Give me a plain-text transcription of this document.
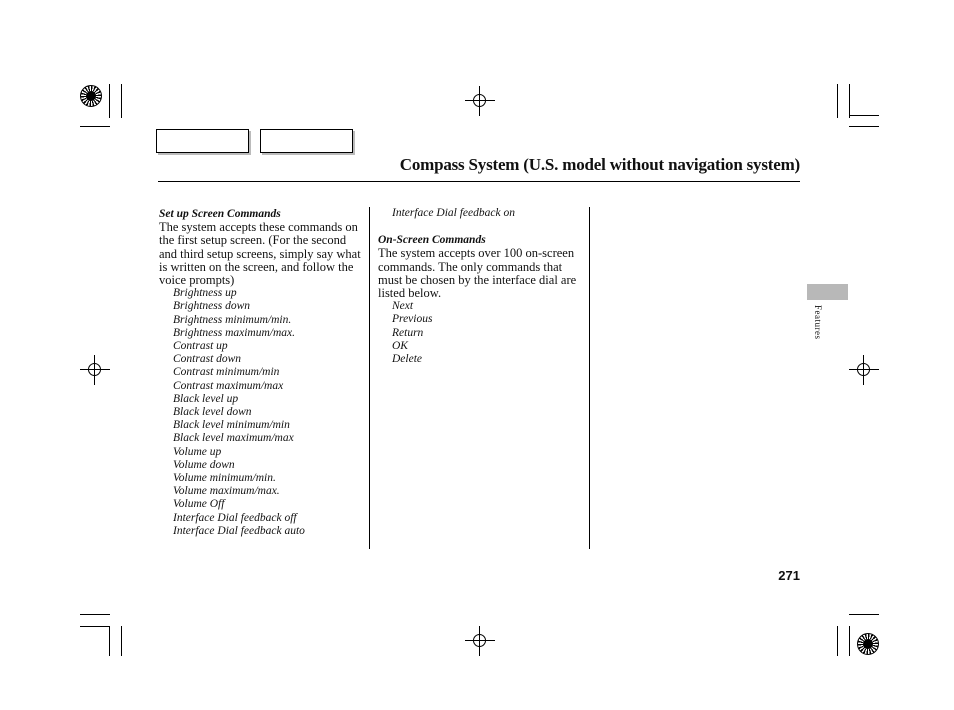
Compass System (U.S. model without navigation system)
Set up Screen Commands
The system accepts these commands on the first setup screen. (For the second and third setup screens, simply say what is written on the screen, and follow the voice prompts)
Brightness up
Brightness down
Brightness minimum/min.
Brightness maximum/max.
Contrast up
Contrast down
Contrast minimum/min
Contrast maximum/max
Black level up
Black level down
Black level minimum/min
Black level maximum/max
Volume up
Volume down
Volume minimum/min.
Volume maximum/max.
Volume Off
Interface Dial feedback off
Interface Dial feedback auto
Interface Dial feedback on
On-Screen Commands
The system accepts over 100 on-screen commands. The only commands that must be chosen by the interface dial are listed below.
Next
Previous
Return
OK
Delete
Features
271
